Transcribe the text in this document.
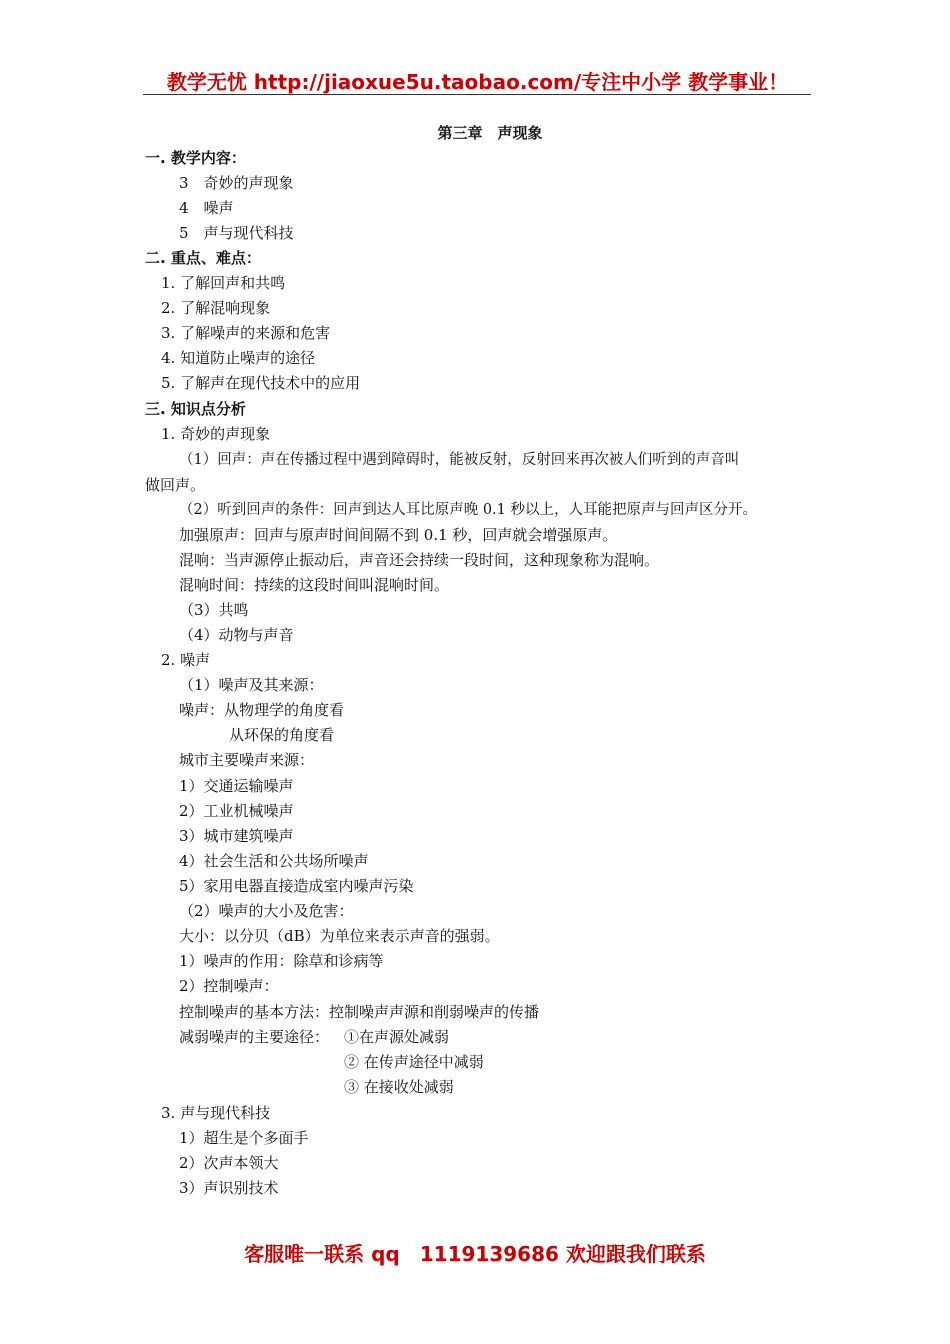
教学无忧 http://jiaoxue5u.taobao.com/专注中小学 教学事业！
第三章　声现象
一. 教学内容：
3　奇妙的声现象
4　噪声
5　声与现代科技
二. 重点、难点：
1. 了解回声和共鸣
2. 了解混响现象
3. 了解噪声的来源和危害
4. 知道防止噪声的途径
5. 了解声在现代技术中的应用
三. 知识点分析
1. 奇妙的声现象
（1）回声：声在传播过程中遇到障碍时，能被反射，反射回来再次被人们听到的声音叫
做回声。
（2）听到回声的条件：回声到达人耳比原声晚 0.1 秒以上，人耳能把原声与回声区分开。
加强原声：回声与原声时间间隔不到 0.1 秒，回声就会增强原声。
混响：当声源停止振动后，声音还会持续一段时间，这种现象称为混响。
混响时间：持续的这段时间叫混响时间。
（3）共鸣
（4）动物与声音
2. 噪声
（1）噪声及其来源：
噪声：从物理学的角度看
从环保的角度看
城市主要噪声来源：
1）交通运输噪声
2）工业机械噪声
3）城市建筑噪声
4）社会生活和公共场所噪声
5）家用电器直接造成室内噪声污染
（2）噪声的大小及危害：
大小：以分贝（dB）为单位来表示声音的强弱。
1）噪声的作用：除草和诊病等
2）控制噪声：
控制噪声的基本方法：控制噪声声源和削弱噪声的传播
减弱噪声的主要途径： ①在声源处减弱
② 在传声途径中减弱
③ 在接收处减弱
3. 声与现代科技
1）超生是个多面手
2）次声本领大
3）声识别技术
客服唯一联系 qq　1119139686 欢迎跟我们联系
